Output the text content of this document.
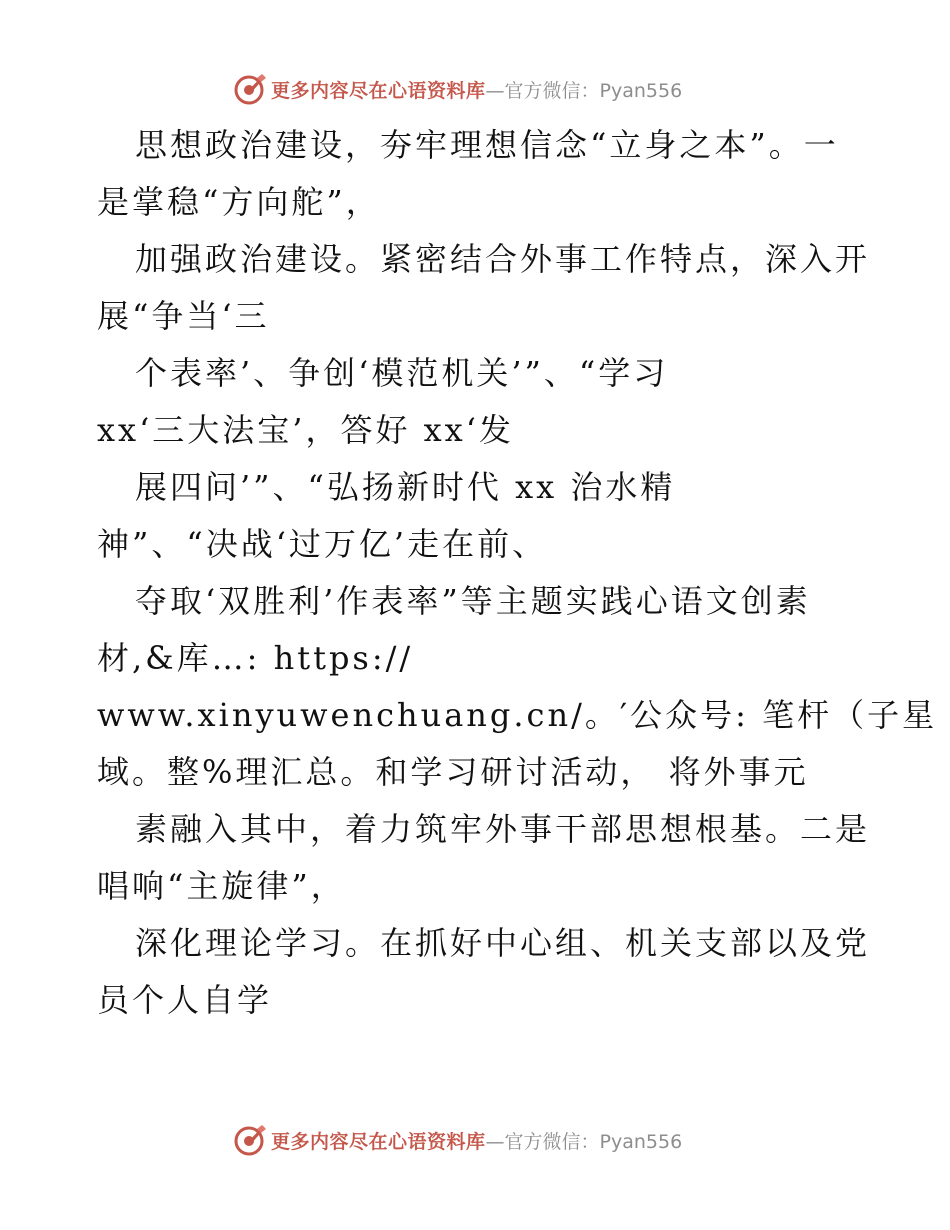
更多内容尽在心语资料库 —官方微信：Pyan556
思想政治建设，夯牢理想信念“立身之本”。一
是掌稳“方向舵”，
加强政治建设。紧密结合外事工作特点，深入开
展“争当‘三
个表率’、争创‘模范机关’”、“学习
xx‘三大法宝’，答好 xx‘发
展四问’”、“弘扬新时代 xx 治水精
神”、“决战‘过万亿’走在前、
夺取‘双胜利’作表率”等主题实践心语文创素
材,&库…: https://
www.xinyuwenchuang.cn/。′公众号: 笔杆（子星
域。整%理汇总。和学习研讨活动， 将外事元
素融入其中，着力筑牢外事干部思想根基。二是
唱响“主旋律”，
深化理论学习。在抓好中心组、机关支部以及党
员个人自学
更多内容尽在心语资料库 —官方微信：Pyan556
